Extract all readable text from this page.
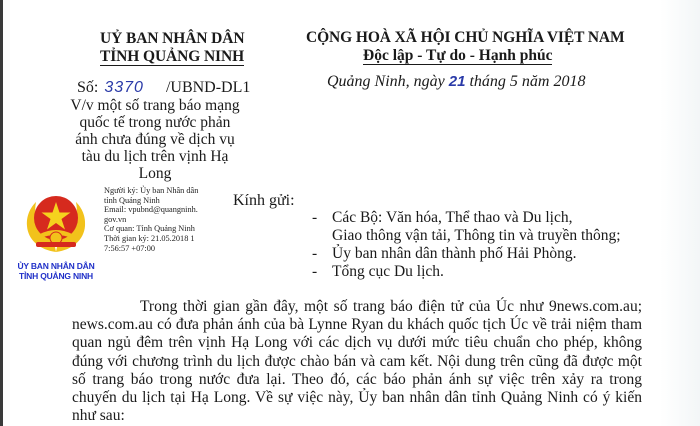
UỶ BAN NHÂN DÂN
TỈNH QUẢNG NINH
Số: 3370 /UBND-DL1
V/v một số trang báo mạng quốc tế trong nước phản ánh chưa đúng về dịch vụ tàu du lịch trên vịnh Hạ Long
CỘNG HOÀ XÃ HỘI CHỦ NGHĨA VIỆT NAM
Độc lập - Tự do - Hạnh phúc
Quảng Ninh, ngày 21 tháng 5 năm 2018
ỦY BAN NHÂN DÂN
TỈNH QUẢNG NINH
Người ký: Ủy ban Nhân dân tỉnh Quảng Ninh
Email: vpubnd@quangninh.gov.vn
Cơ quan: Tỉnh Quảng Ninh
Thời gian ký: 21.05.2018 17:56:57 +07:00
Kính gửi:
- Các Bộ: Văn hóa, Thể thao và Du lịch,
Giao thông vận tải, Thông tin và truyền thông;
- Ủy ban nhân dân thành phố Hải Phòng.
- Tổng cục Du lịch.
Trong thời gian gần đây, một số trang báo điện tử của Úc như 9news.com.au; news.com.au có đưa phản ánh của bà Lynne Ryan du khách quốc tịch Úc về trải niệm tham quan ngủ đêm trên vịnh Hạ Long với các dịch vụ dưới mức tiêu chuẩn cho phép, không đúng với chương trình du lịch được chào bán và cam kết. Nội dung trên cũng đã được một số trang báo trong nước đưa lại. Theo đó, các báo phản ánh sự việc trên xảy ra trong chuyến du lịch tại Hạ Long. Về sự việc này, Ủy ban nhân dân tỉnh Quảng Ninh có ý kiến như sau:
